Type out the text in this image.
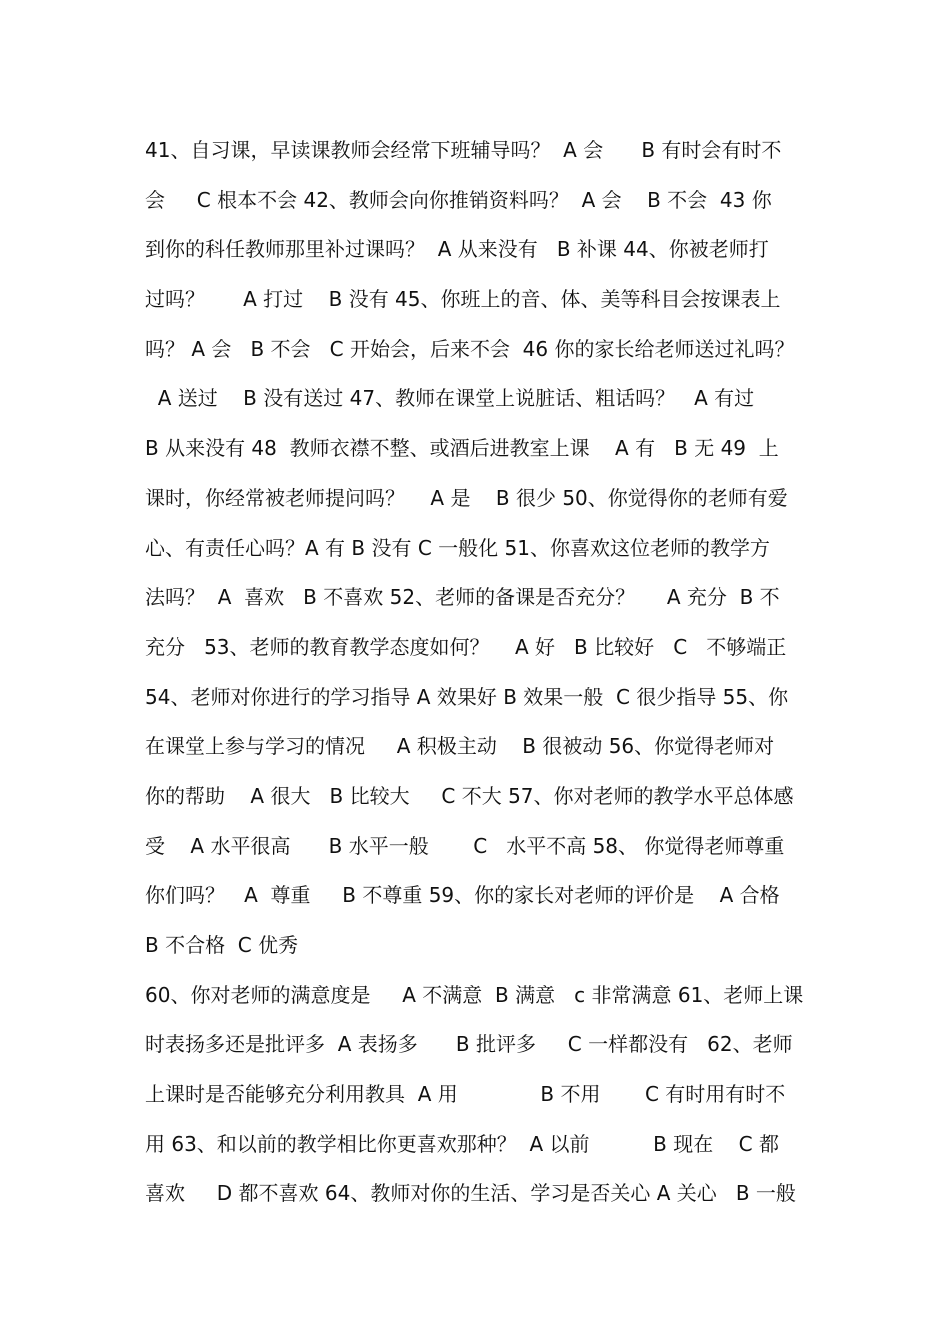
41、自习课，早读课教师会经常下班辅导吗？  A 会      B 有时会有时不
会     C 根本不会 42、教师会向你推销资料吗？  A 会    B 不会  43 你
到你的科任教师那里补过课吗？  A 从来没有   B 补课 44、你被老师打
过吗？      A 打过    B 没有 45、你班上的音、体、美等科目会按课表上
吗？ A 会   B 不会   C 开始会，后来不会  46 你的家长给老师送过礼吗？
A 送过    B 没有送过 47、教师在课堂上说脏话、粗话吗？   A 有过
B 从来没有 48  教师衣襟不整、或酒后进教室上课    A 有   B 无 49  上
课时，你经常被老师提问吗？    A 是    B 很少 50、你觉得你的老师有爱
心、有责任心吗？A 有 B 没有 C 一般化 51、你喜欢这位老师的教学方
法吗？  A  喜欢   B 不喜欢 52、老师的备课是否充分？     A 充分  B 不
充分   53、老师的教育教学态度如何？    A 好   B 比较好   C   不够端正
54、老师对你进行的学习指导 A 效果好 B 效果一般  C 很少指导 55、你
在课堂上参与学习的情况     A 积极主动    B 很被动 56、你觉得老师对
你的帮助    A 很大   B 比较大     C 不大 57、你对老师的教学水平总体感
受    A 水平很高      B 水平一般       C   水平不高 58、 你觉得老师尊重
你们吗？   A  尊重     B 不尊重 59、你的家长对老师的评价是    A 合格
B 不合格  C 优秀
60、你对老师的满意度是     A 不满意  B 满意   c 非常满意 61、老师上课
时表扬多还是批评多  A 表扬多      B 批评多     C 一样都没有   62、老师
上课时是否能够充分利用教具  A 用             B 不用       C 有时用有时不
用 63、和以前的教学相比你更喜欢那种？  A 以前          B 现在    C 都
喜欢     D 都不喜欢 64、教师对你的生活、学习是否关心 A 关心   B 一般
